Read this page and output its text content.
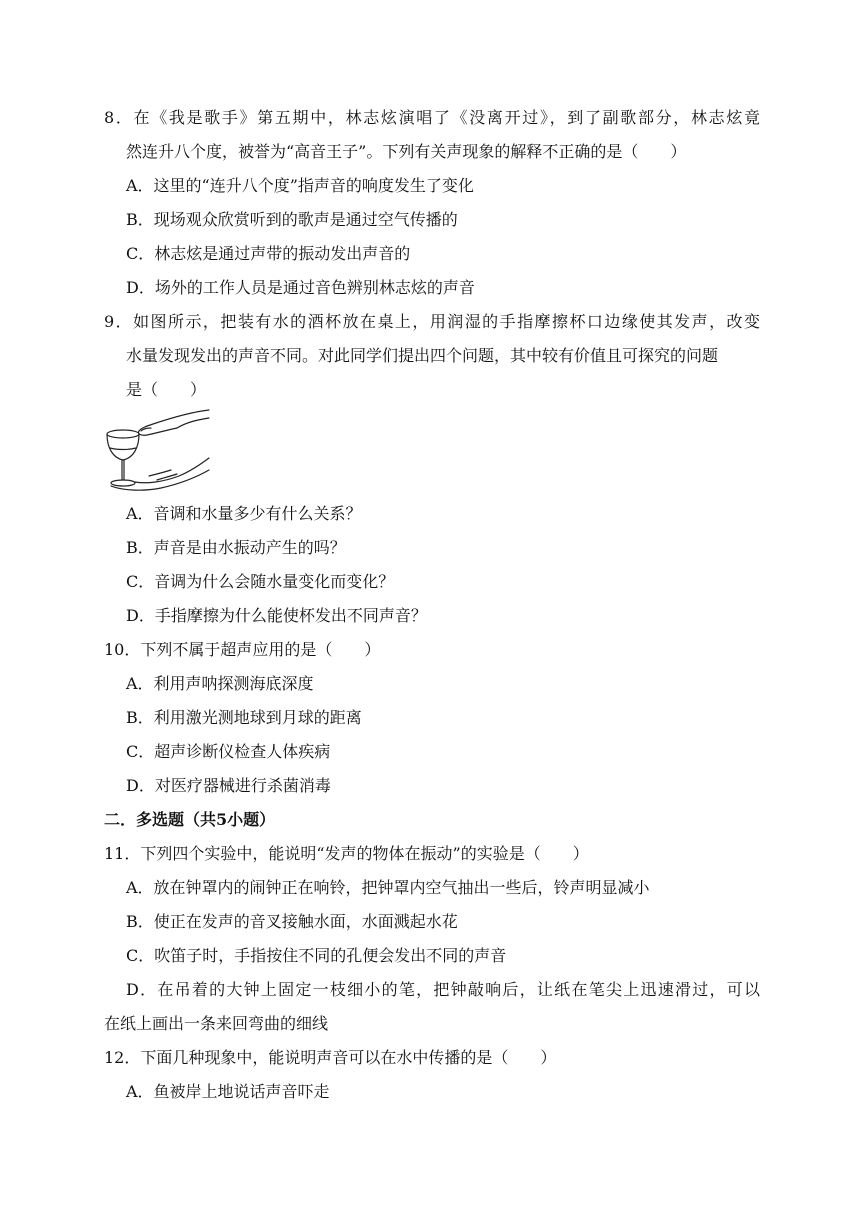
8．在《我是歌手》第五期中，林志炫演唱了《没离开过》，到了副歌部分，林志炫竟
然连升八个度，被誉为“高音王子”。下列有关声现象的解释不正确的是（　　）
A．这里的“连升八个度”指声音的响度发生了变化
B．现场观众欣赏听到的歌声是通过空气传播的
C．林志炫是通过声带的振动发出声音的
D．场外的工作人员是通过音色辨别林志炫的声音
9．如图所示，把装有水的酒杯放在桌上，用润湿的手指摩擦杯口边缘使其发声，改变
水量发现发出的声音不同。对此同学们提出四个问题，其中较有价值且可探究的问题
是（　　）
A．音调和水量多少有什么关系？
B．声音是由水振动产生的吗？
C．音调为什么会随水量变化而变化？
D．手指摩擦为什么能使杯发出不同声音？
10．下列不属于超声应用的是（　　）
A．利用声呐探测海底深度
B．利用激光测地球到月球的距离
C．超声诊断仪检查人体疾病
D．对医疗器械进行杀菌消毒
二．多选题（共5小题）
11．下列四个实验中，能说明“发声的物体在振动”的实验是（　　）
A．放在钟罩内的闹钟正在响铃，把钟罩内空气抽出一些后，铃声明显减小
B．使正在发声的音叉接触水面，水面溅起水花
C．吹笛子时，手指按住不同的孔便会发出不同的声音
D．在吊着的大钟上固定一枝细小的笔，把钟敲响后，让纸在笔尖上迅速滑过，可以
在纸上画出一条来回弯曲的细线
12．下面几种现象中，能说明声音可以在水中传播的是（　　）
A．鱼被岸上地说话声音吓走
